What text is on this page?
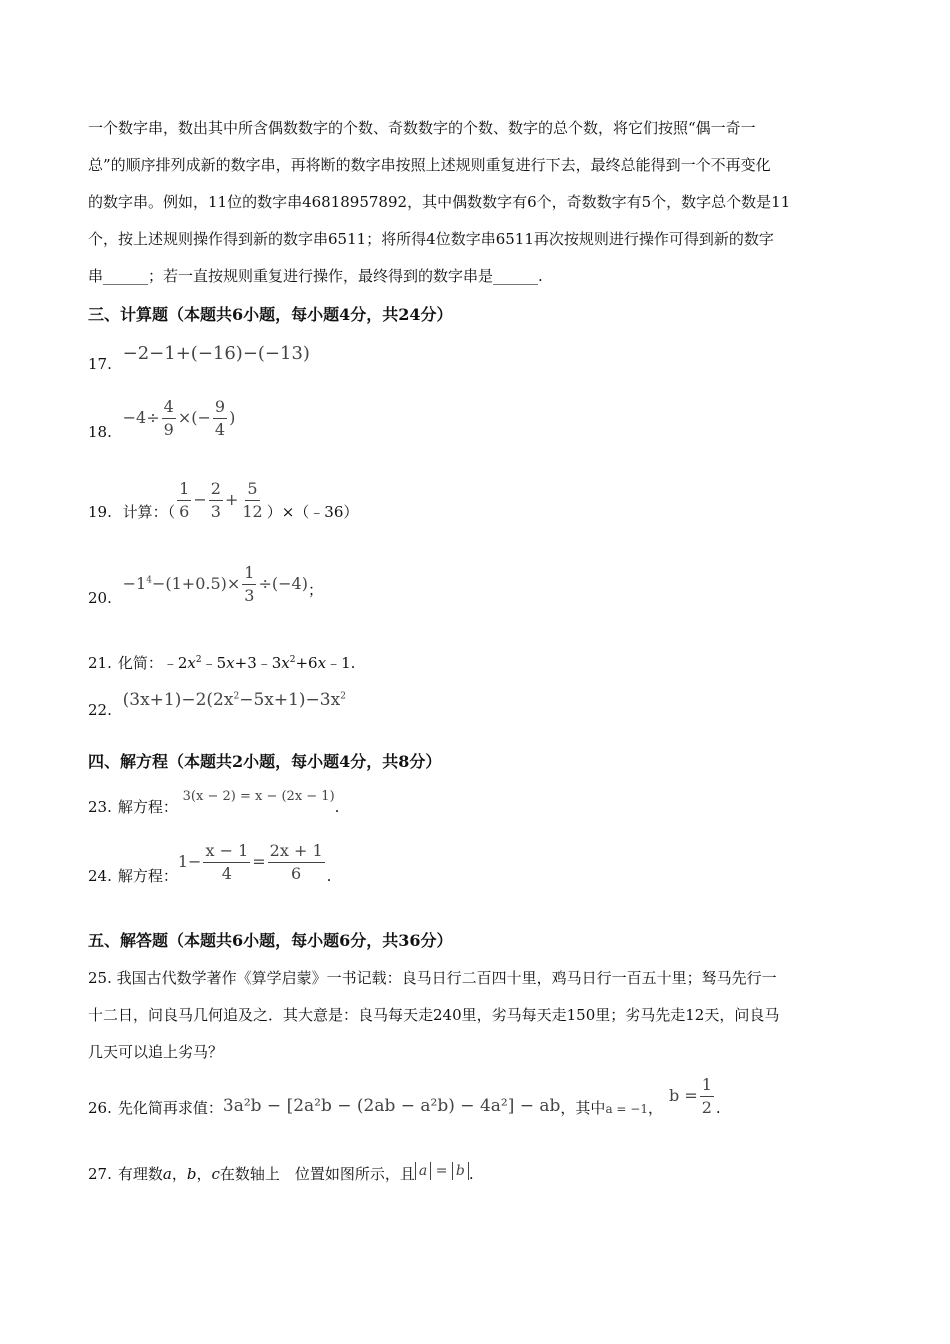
一个数字串，数出其中所含偶数数字的个数、奇数数字的个数、数字的总个数，将它们按照“偶一奇一
总”的顺序排列成新的数字串，再将断的数字串按照上述规则重复进行下去，最终总能得到一个不再变化
的数字串。例如，11位的数字串46818957892，其中偶数数字有6个，奇数数字有5个，数字总个数是11
个，按上述规则操作得到新的数字串6511；将所得4位数字串6511再次按规则进行操作可得到新的数字
串______；若一直按规则重复进行操作，最终得到的数字串是______.
三、计算题（本题共6小题，每小题4分，共24分）
17. −2−1+(−16)−(−13)
18. $-4\div \frac{4}{9}$ ×(− $\frac{9}{4}$ )
19. 计算：（ $\frac{1}{6} - \frac{2}{3} + \frac{5}{12}$ ）×（﹣36）
20. $-1^4-(1+0.5)\times \frac{1}{3} \div(-4)$；
21. 化简：$﹣2x^2﹣5x+3﹣3x^2+6x﹣1$.
22. $(3x+1)-2(2x^2-5x+1)-3x^2$
四、解方程（本题共2小题，每小题4分，共8分）
23. 解方程： 3(x − 2) = x − (2x − 1).
24. 解方程：$1- \frac{x - 1}{4} = \frac{2x + 1}{6}$ .
五、解答题（本题共6小题，每小题6分，共36分）
25. 我国古代数学著作《算学启蒙》一书记载：良马日行二百四十里，鸡马日行一百五十里；驽马先行一
十二日，问良马几何追及之．其大意是：良马每天走240里，劣马每天走150里；劣马先走12天，问良马
几天可以追上劣马？
26. 先化简再求值：3a²b − [2a²b − (2ab − a²b) − 4a²] − ab，其中$_{a = -1}$，$b = \frac{1}{2}$ .
27. 有理数a，b，c在数轴上　位置如图所示，且 a = b .
